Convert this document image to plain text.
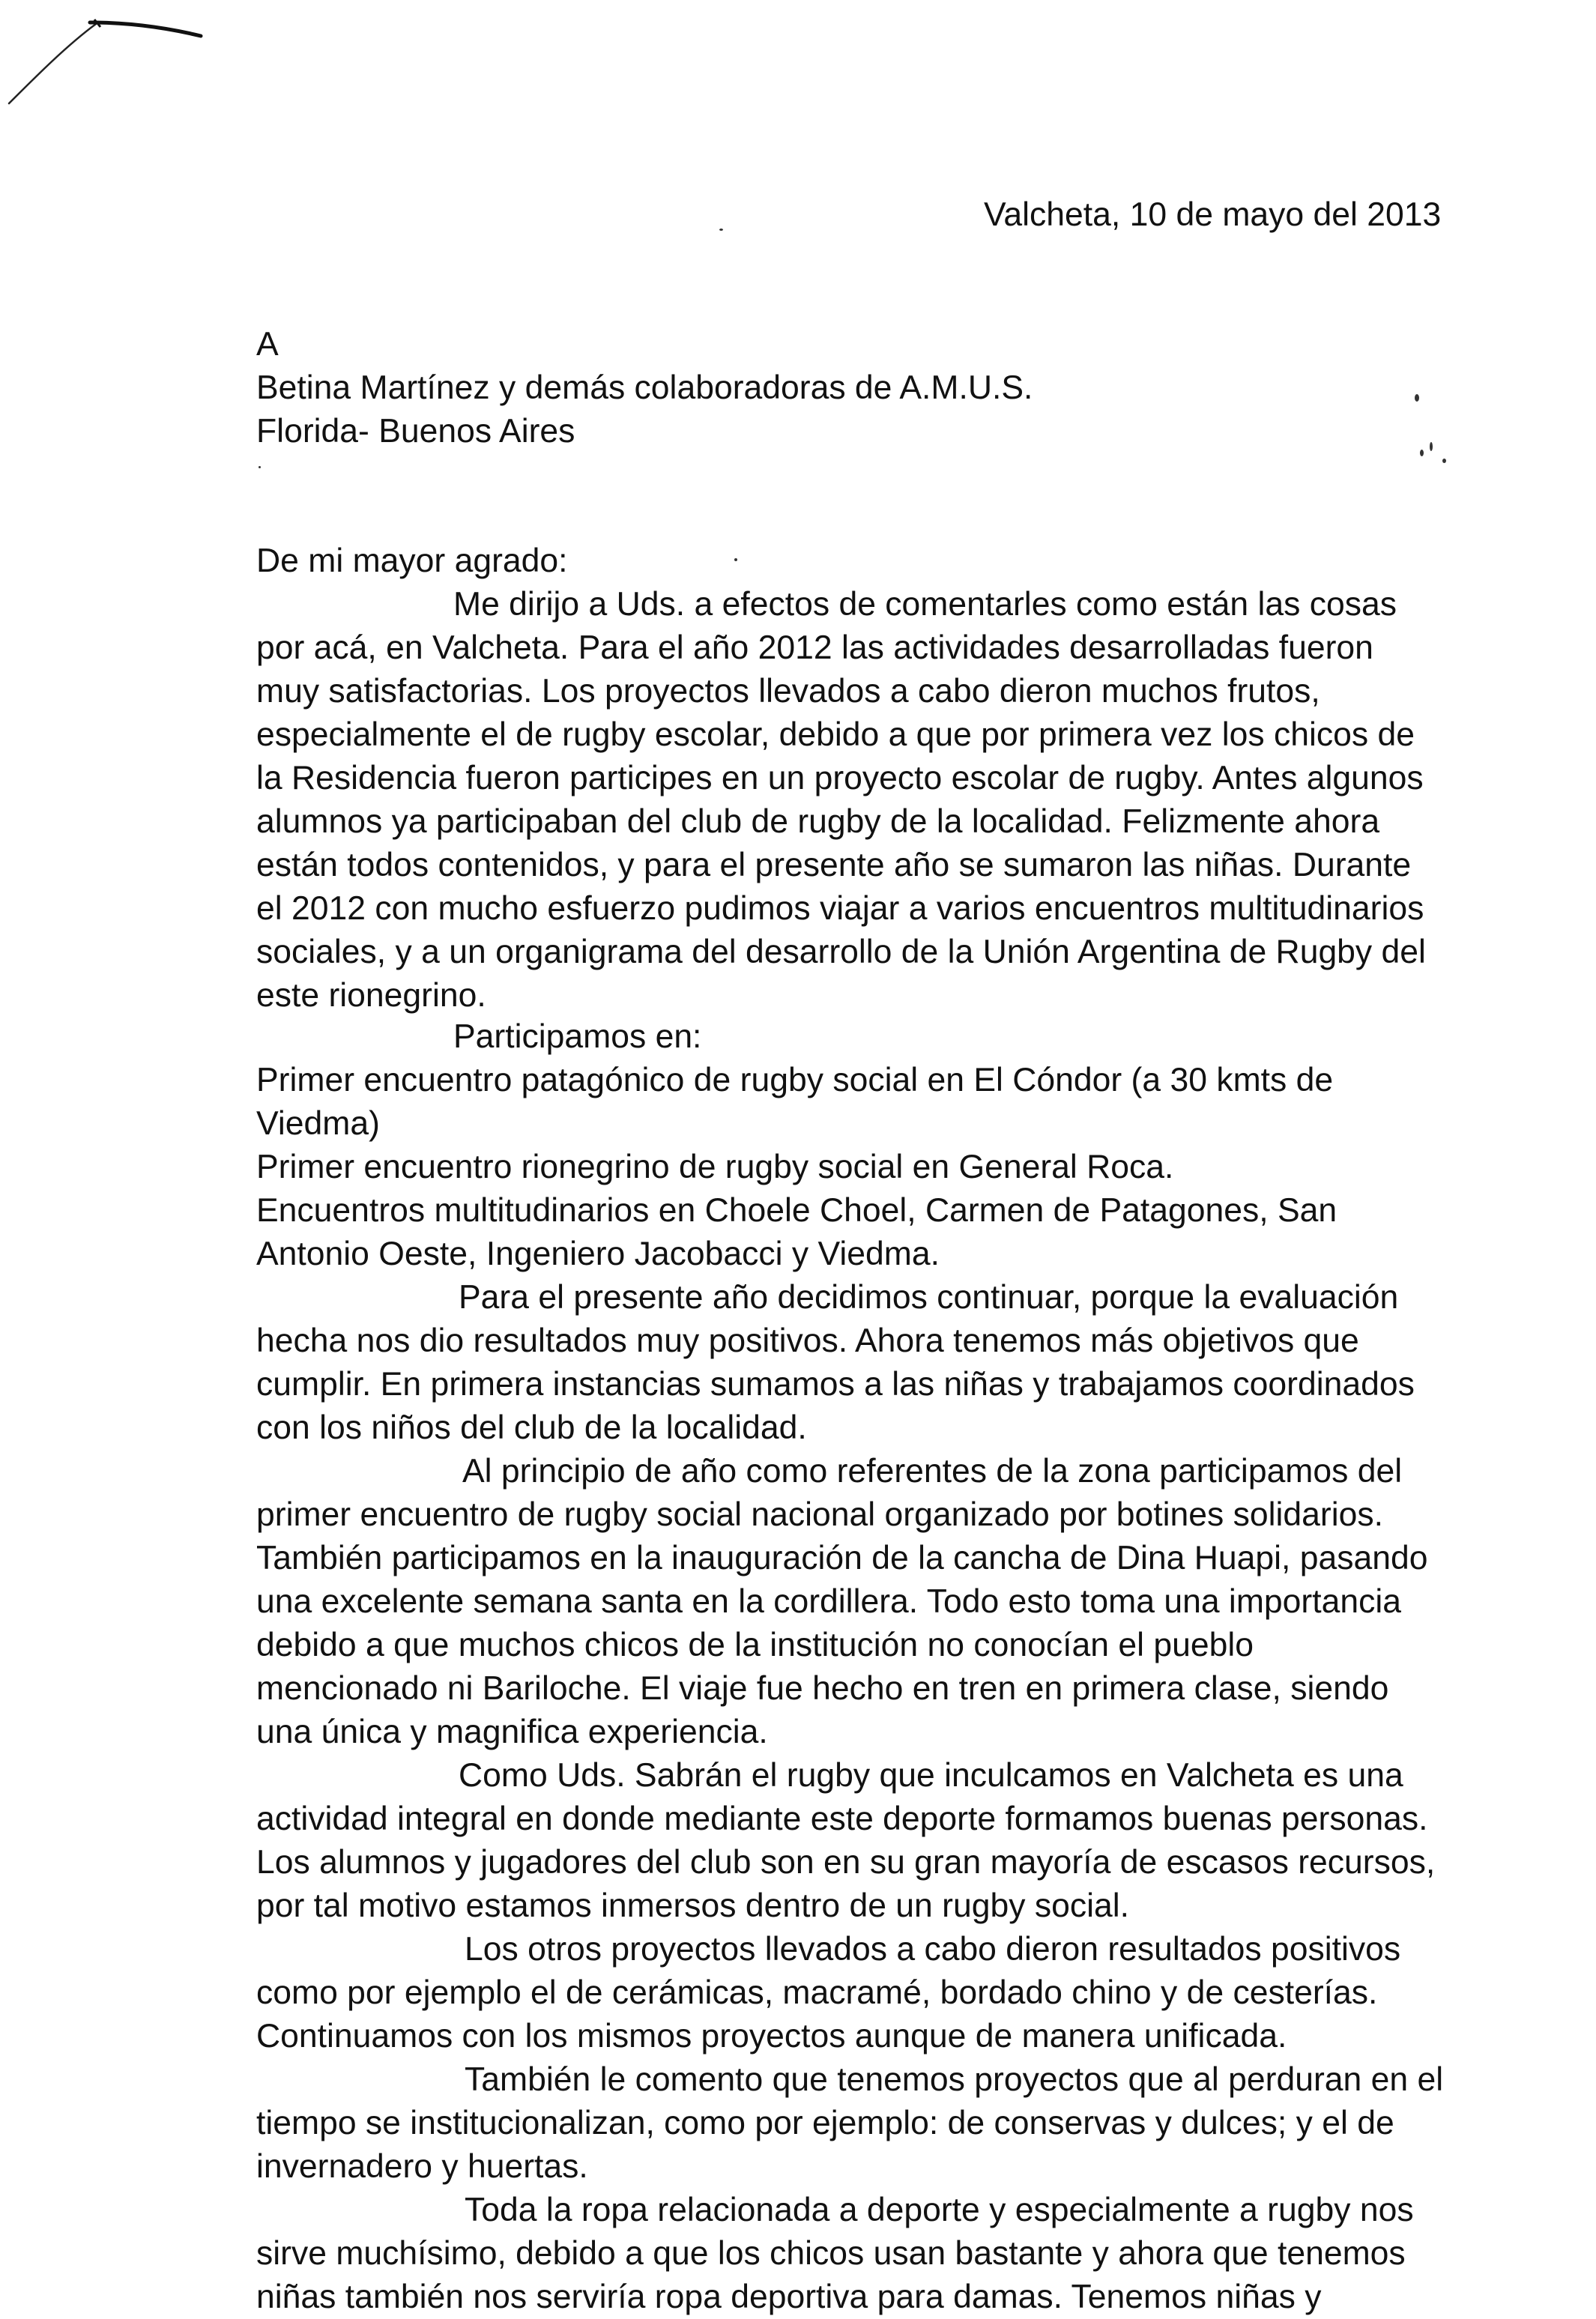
Valcheta, 10 de mayo del 2013
A
Betina Martínez y demás colaboradoras de A.M.U.S.
Florida- Buenos Aires
De mi mayor agrado:
Me dirijo a Uds. a efectos de comentarles como están las cosas
por acá, en Valcheta. Para el año 2012 las actividades desarrolladas fueron
muy satisfactorias. Los proyectos llevados a cabo dieron muchos frutos,
especialmente el de rugby escolar, debido a que por primera vez los chicos de
la Residencia fueron participes en un proyecto escolar de rugby. Antes algunos
alumnos ya participaban del club de rugby de la localidad. Felizmente ahora
están todos contenidos, y para el presente año se sumaron las niñas. Durante
el 2012 con mucho esfuerzo pudimos viajar a varios encuentros multitudinarios
sociales, y a un organigrama del desarrollo de la Unión Argentina de Rugby del
este rionegrino.
Participamos en:
Primer encuentro patagónico de rugby social en El Cóndor (a 30 kmts de
Viedma)
Primer encuentro rionegrino de rugby social en General Roca.
Encuentros multitudinarios en Choele Choel, Carmen de Patagones, San
Antonio Oeste, Ingeniero Jacobacci y Viedma.
Para el presente año decidimos continuar, porque la evaluación
hecha nos dio resultados muy positivos. Ahora tenemos más objetivos que
cumplir. En primera instancias sumamos a las niñas y trabajamos coordinados
con los niños del club de la localidad.
Al principio de año como referentes de la zona participamos del
primer encuentro de rugby social nacional organizado por botines solidarios.
También participamos en la inauguración de la cancha de Dina Huapi, pasando
una excelente semana santa en la cordillera. Todo esto toma una importancia
debido a que muchos chicos de la institución no conocían el pueblo
mencionado ni Bariloche. El viaje fue hecho en tren en primera clase, siendo
una única y magnifica experiencia.
Como Uds. Sabrán el rugby que inculcamos en Valcheta es una
actividad integral en donde mediante este deporte formamos buenas personas.
Los alumnos y jugadores del club son en su gran mayoría de escasos recursos,
por tal motivo estamos inmersos dentro de un rugby social.
Los otros proyectos llevados a cabo dieron resultados positivos
como por ejemplo el de cerámicas, macramé, bordado chino y de cesterías.
Continuamos con los mismos proyectos aunque de manera unificada.
También le comento que tenemos proyectos que al perduran en el
tiempo se institucionalizan, como por ejemplo: de conservas y dulces; y el de
invernadero y huertas.
Toda la ropa relacionada a deporte y especialmente a rugby nos
sirve muchísimo, debido a que los chicos usan bastante y ahora que tenemos
niñas también nos serviría ropa deportiva para damas. Tenemos niñas y
